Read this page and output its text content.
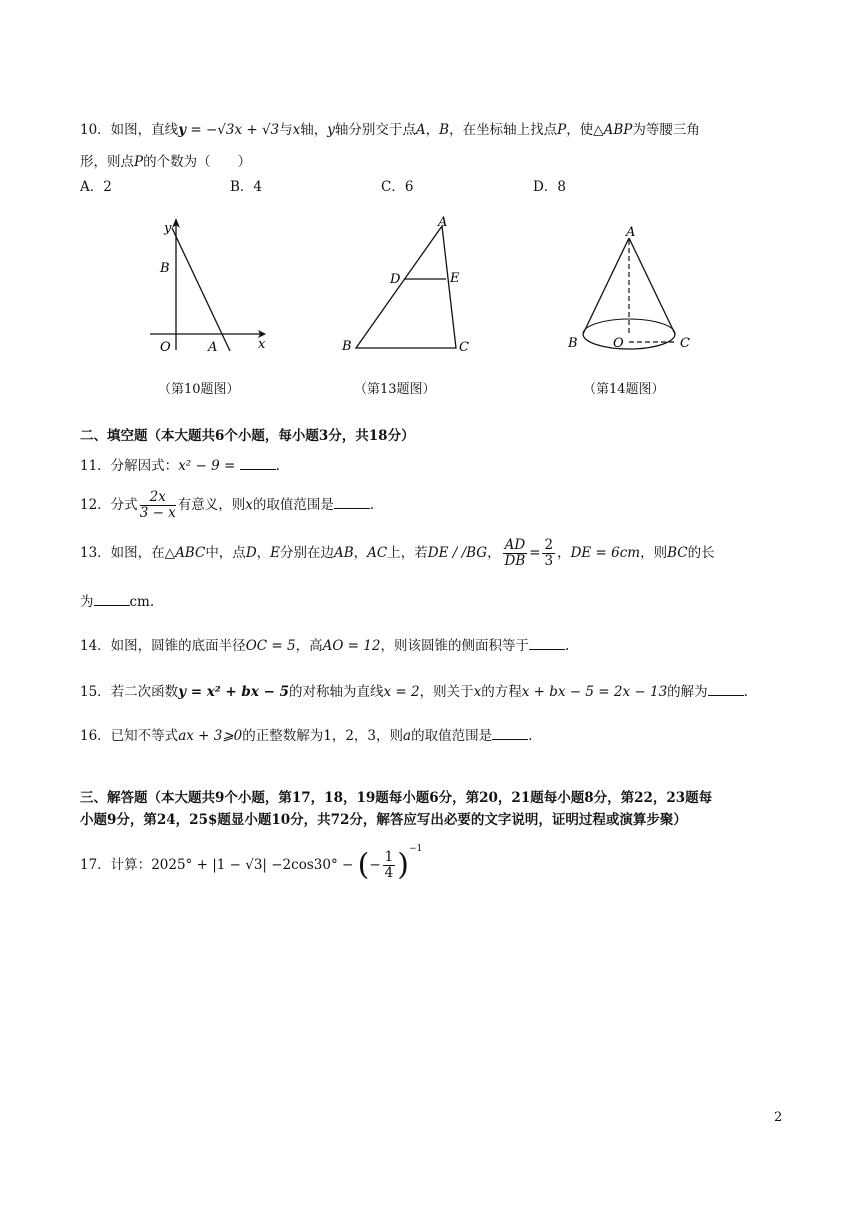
10．如图，直线y = −√3x + √3与x轴，y轴分别交于点A，B，在坐标轴上找点P，使△ABP为等腰三角
形，则点P的个数为（　　）
A．2	B．4	C．6	D．8
y
B
O	A	x
（第10题图）
A
D	E
B	C
（第13题图）
A
B	O	C
（第14题图）
二、填空题（本大题共6个小题，每小题3分，共18分）
11．分解因式：x² − 9 =	.
12．分式 $\frac{2x}{3 - x}$ 有意义，则x的取值范围是	.
13．如图，在△ABC中，点D，E分别在边AB，AC上，若DE / /BG， $\frac{AD}{DB} = \frac{2}{3}$ ，DE = 6cm，则BC的长
为	cm.
14．如图，圆锥的底面半径OC = 5，高AO = 12，则该圆锥的侧面积等于	.
15．若二次函数y = x² + bx − 5的对称轴为直线x = 2，则关于x的方程x + bx − 5 = 2x − 13的解为	.
16．已知不等式ax + 3⩾0的正整数解为1，2，3，则a的取值范围是	.
三、解答题（本大题共9个小题，第17，18，19题每小题6分，第20，21题每小题8分，第22，23题每
小题9分，第24，25$题显小题10分，共72分，解答应写出必要的文字说明，证明过程或演算步聚）
17．计算：2025° + |1 − √3| −2cos30° − (− $\frac{1}{4} )^{-1}$
2
